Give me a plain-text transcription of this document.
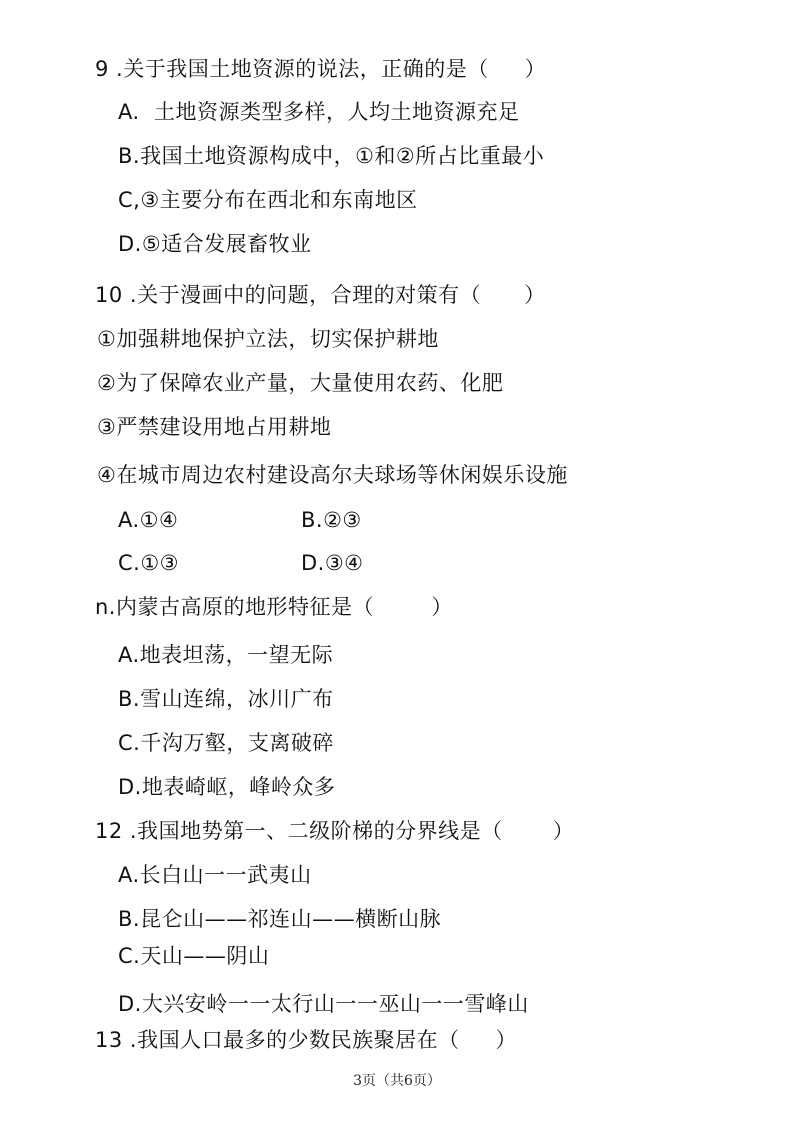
9 .关于我国土地资源的说法，正确的是（     ）
A.  土地资源类型多样，人均土地资源充足
B.我国土地资源构成中，①和②所占比重最小
C,③主要分布在西北和东南地区
D.⑤适合发展畜牧业
10 .关于漫画中的问题，合理的对策有（      ）
①加强耕地保护立法，切实保护耕地
②为了保障农业产量，大量使用农药、化肥
③严禁建设用地占用耕地
④在城市周边农村建设高尔夫球场等休闲娱乐设施
A.①④	B.②③
C.①③	D.③④
n.内蒙古高原的地形特征是（        ）
A.地表坦荡，一望无际
B.雪山连绵，冰川广布
C.千沟万壑，支离破碎
D.地表崎岖，峰岭众多
12 .我国地势第一、二级阶梯的分界线是（       ）
A.长白山一一武夷山
B.昆仑山——祁连山——横断山脉
C.天山——阴山
D.大兴安岭一一太行山一一巫山一一雪峰山
13 .我国人口最多的少数民族聚居在（     ）
3页（共6页）
